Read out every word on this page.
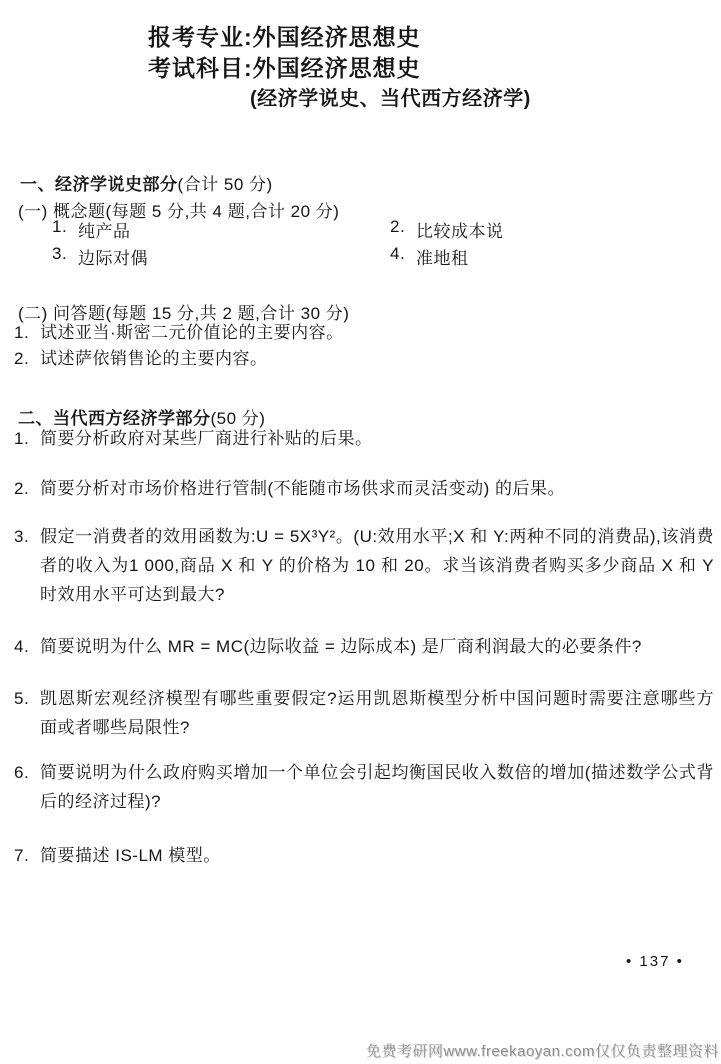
报考专业:外国经济思想史
考试科目:外国经济思想史
(经济学说史、当代西方经济学)
一、经济学说史部分(合计 50 分)
(一) 概念题(每题 5 分,共 4 题,合计 20 分)
1. 纯产品	2. 比较成本说
3. 边际对偶	4. 准地租
(二) 问答题(每题 15 分,共 2 题,合计 30 分)
1. 试述亚当·斯密二元价值论的主要内容。
2. 试述萨依销售论的主要内容。
二、当代西方经济学部分(50 分)
1. 简要分析政府对某些厂商进行补贴的后果。
2. 简要分析对市场价格进行管制(不能随市场供求而灵活变动) 的后果。
3. 假定一消费者的效用函数为:U = 5X³Y²。(U:效用水平;X 和 Y:两种不同的消费品),该消费者的收入为1 000,商品 X 和 Y 的价格为 10 和 20。求当该消费者购买多少商品 X 和 Y 时效用水平可达到最大?
4. 简要说明为什么 MR = MC(边际收益 = 边际成本) 是厂商利润最大的必要条件?
5. 凯恩斯宏观经济模型有哪些重要假定?运用凯恩斯模型分析中国问题时需要注意哪些方面或者哪些局限性?
6. 简要说明为什么政府购买增加一个单位会引起均衡国民收入数倍的增加(描述数学公式背后的经济过程)?
7. 简要描述 IS-LM 模型。
• 137 •
免费考研网www.freekaoyan.com仅仅负责整理资料
